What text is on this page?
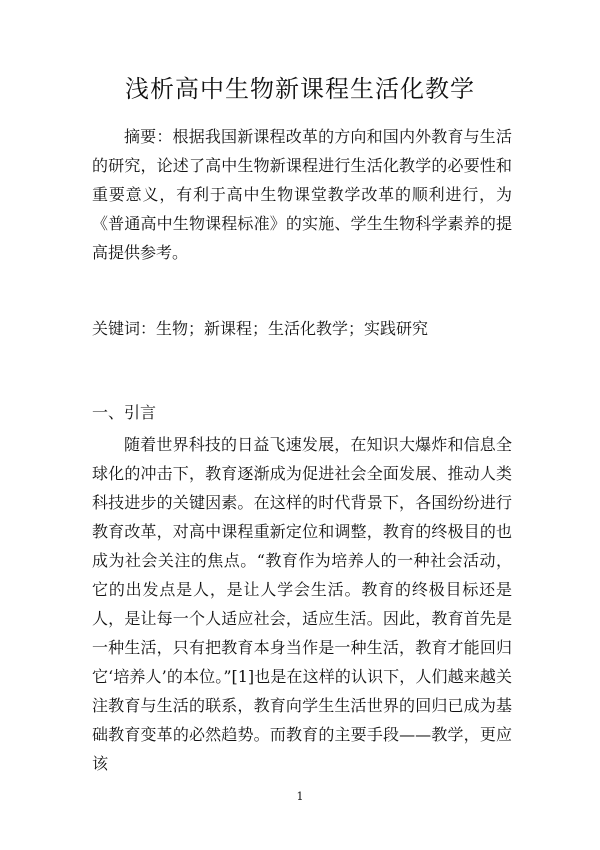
浅析高中生物新课程生活化教学
摘要：根据我国新课程改革的方向和国内外教育与生活的研究，论述了高中生物新课程进行生活化教学的必要性和重要意义，有利于高中生物课堂教学改革的顺利进行，为《普通高中生物课程标准》的实施、学生生物科学素养的提高提供参考。
关键词：生物；新课程；生活化教学；实践研究
一、引言
随着世界科技的日益飞速发展，在知识大爆炸和信息全球化的冲击下，教育逐渐成为促进社会全面发展、推动人类科技进步的关键因素。在这样的时代背景下，各国纷纷进行教育改革，对高中课程重新定位和调整，教育的终极目的也成为社会关注的焦点。“教育作为培养人的一种社会活动，它的出发点是人，是让人学会生活。教育的终极目标还是人，是让每一个人适应社会，适应生活。因此，教育首先是一种生活，只有把教育本身当作是一种生活，教育才能回归它‘培养人’的本位。”[1]也是在这样的认识下，人们越来越关注教育与生活的联系，教育向学生生活世界的回归已成为基础教育变革的必然趋势。而教育的主要手段——教学，更应该
1
